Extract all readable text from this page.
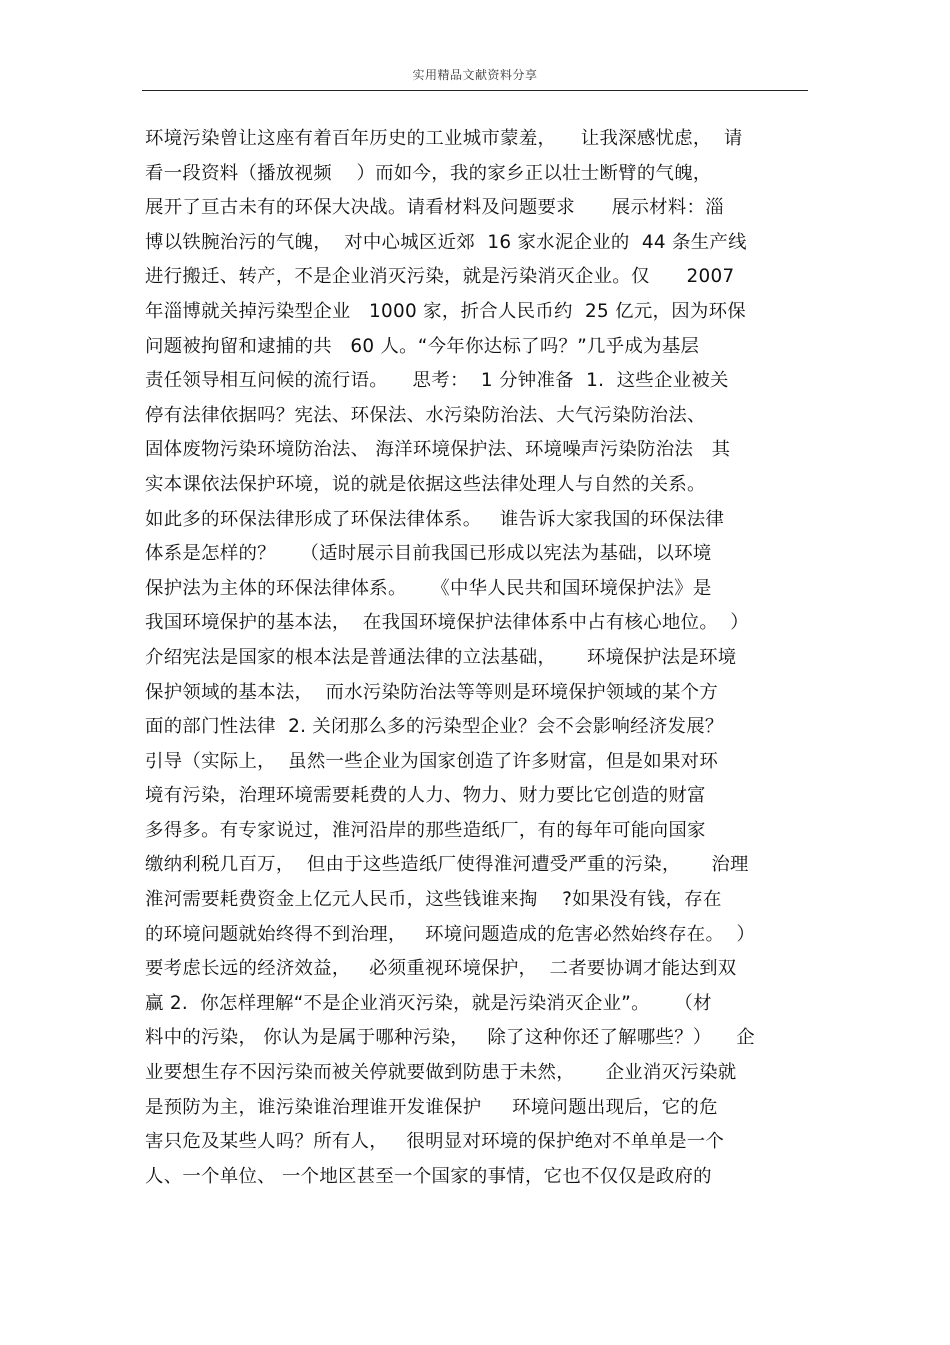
实用精品文献资料分享
环境污染曾让这座有着百年历史的工业城市蒙羞，    让我深感忧虑，  请
看一段资料（播放视频    ）而如今，我的家乡正以壮士断臂的气魄，
展开了亘古未有的环保大决战。请看材料及问题要求      展示材料：淄
博以铁腕治污的气魄，  对中心城区近郊  16 家水泥企业的  44 条生产线
进行搬迁、转产，不是企业消灭污染，就是污染消灭企业。仅      2007
年淄博就关掉污染型企业   1000 家，折合人民币约  25 亿元，因为环保
问题被拘留和逮捕的共   60 人。“今年你达标了吗？”几乎成为基层
责任领导相互问候的流行语。    思考：  1 分钟准备  1.  这些企业被关
停有法律依据吗？宪法、环保法、水污染防治法、大气污染防治法、
固体废物污染环境防治法、 海洋环境保护法、环境噪声污染防治法   其
实本课依法保护环境，说的就是依据这些法律处理人与自然的关系。
如此多的环保法律形成了环保法律体系。   谁告诉大家我国的环保法律
体系是怎样的？    （适时展示目前我国已形成以宪法为基础，以环境
保护法为主体的环保法律体系。    《中华人民共和国环境保护法》是
我国环境保护的基本法，  在我国环境保护法律体系中占有核心地位。  ）
介绍宪法是国家的根本法是普通法律的立法基础，     环境保护法是环境
保护领域的基本法，  而水污染防治法等等则是环境保护领域的某个方
面的部门性法律  2. 关闭那么多的污染型企业？会不会影响经济发展？
引导（实际上，  虽然一些企业为国家创造了许多财富，但是如果对环
境有污染，治理环境需要耗费的人力、物力、财力要比它创造的财富
多得多。有专家说过，淮河沿岸的那些造纸厂，有的每年可能向国家
缴纳利税几百万，  但由于这些造纸厂使得淮河遭受严重的污染，     治理
淮河需要耗费资金上亿元人民币，这些钱谁来掏    ?如果没有钱，存在
的环境问题就始终得不到治理，   环境问题造成的危害必然始终存在。  ）
要考虑长远的经济效益，   必须重视环境保护，  二者要协调才能达到双
赢 2.  你怎样理解“不是企业消灭污染，就是污染消灭企业”。    （材
料中的污染， 你认为是属于哪种污染，   除了这种你还了解哪些？）    企
业要想生存不因污染而被关停就要做到防患于未然，     企业消灭污染就
是预防为主，谁污染谁治理谁开发谁保护     环境问题出现后，它的危
害只危及某些人吗？所有人，   很明显对环境的保护绝对不单单是一个
人、一个单位、 一个地区甚至一个国家的事情，它也不仅仅是政府的
